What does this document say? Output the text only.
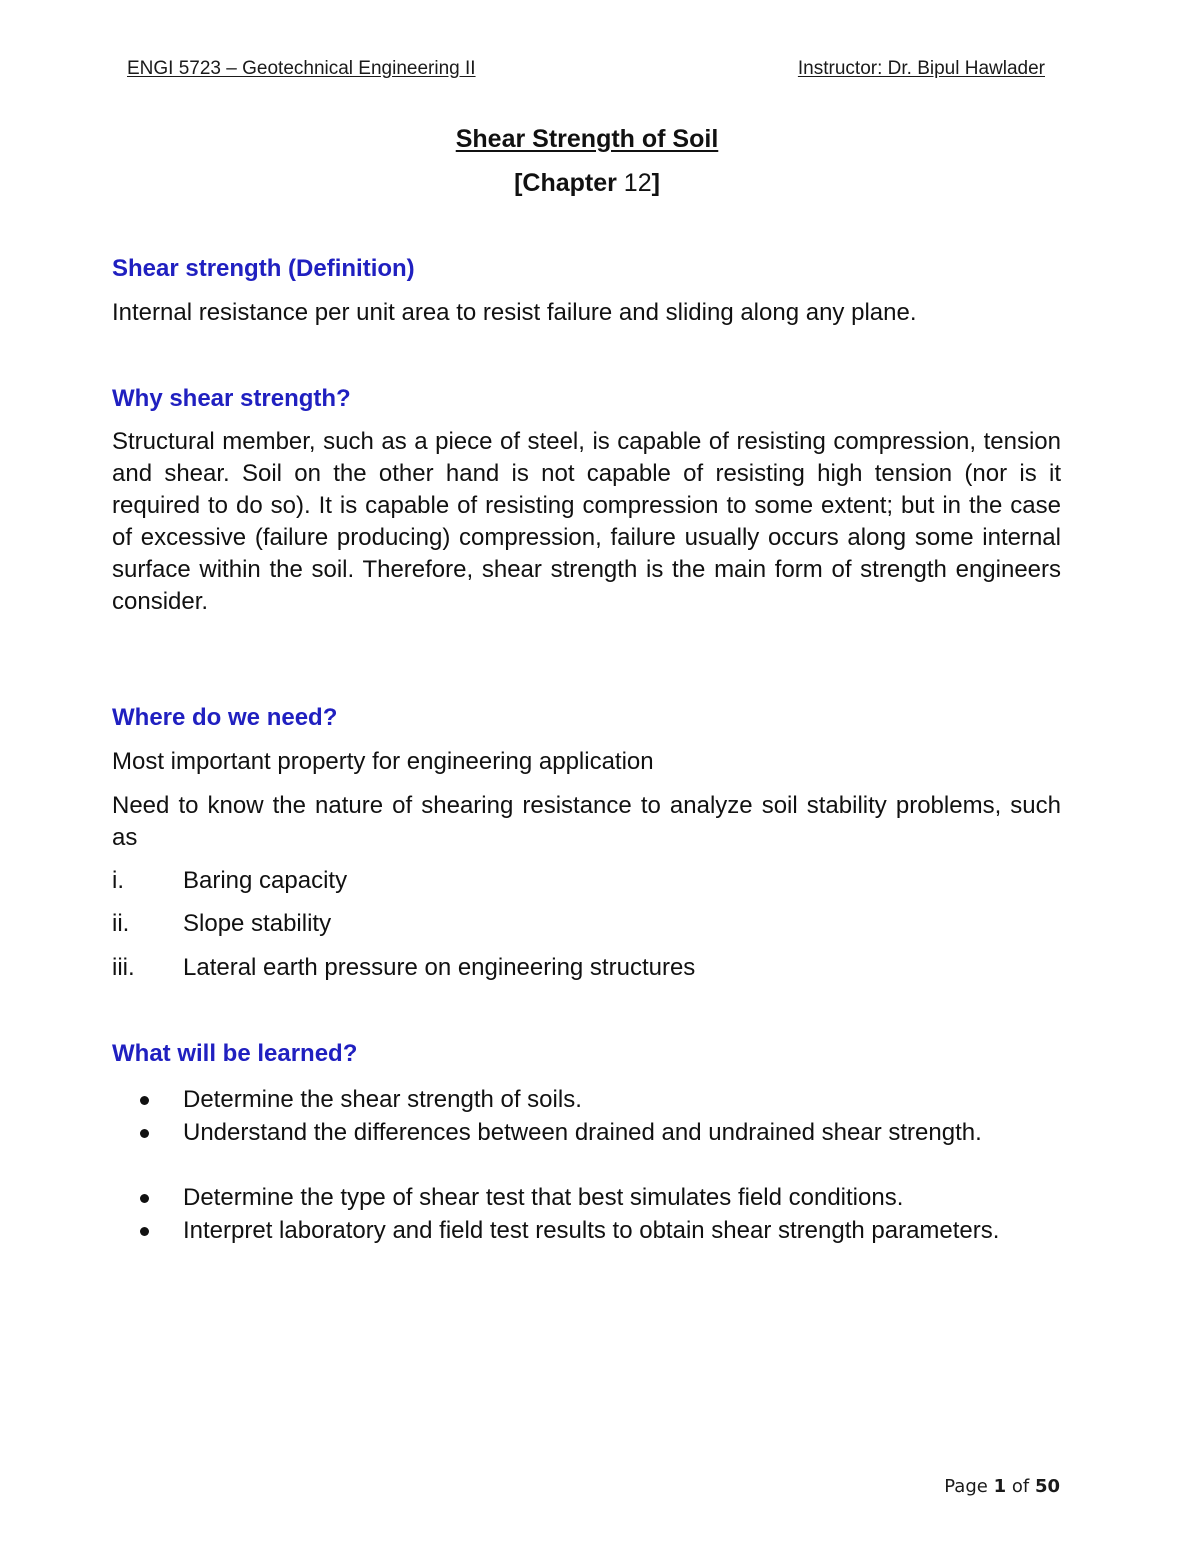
ENGI 5723 – Geotechnical Engineering II	Instructor: Dr. Bipul Hawlader
Shear Strength of Soil
[Chapter 12]
Shear strength (Definition)
Internal resistance per unit area to resist failure and sliding along any plane.
Why shear strength?
Structural member, such as a piece of steel, is capable of resisting compression, tension and shear. Soil on the other hand is not capable of resisting high tension (nor is it required to do so). It is capable of resisting compression to some extent; but in the case of excessive (failure producing) compression, failure usually occurs along some internal surface within the soil. Therefore, shear strength is the main form of strength engineers consider.
Where do we need?
Most important property for engineering application
Need to know the nature of shearing resistance to analyze soil stability problems, such as
i. Baring capacity
ii. Slope stability
iii. Lateral earth pressure on engineering structures
What will be learned?
Determine the shear strength of soils.
Understand the differences between drained and undrained shear strength.
Determine the type of shear test that best simulates field conditions.
Interpret laboratory and field test results to obtain shear strength parameters.
Page 1 of 50
